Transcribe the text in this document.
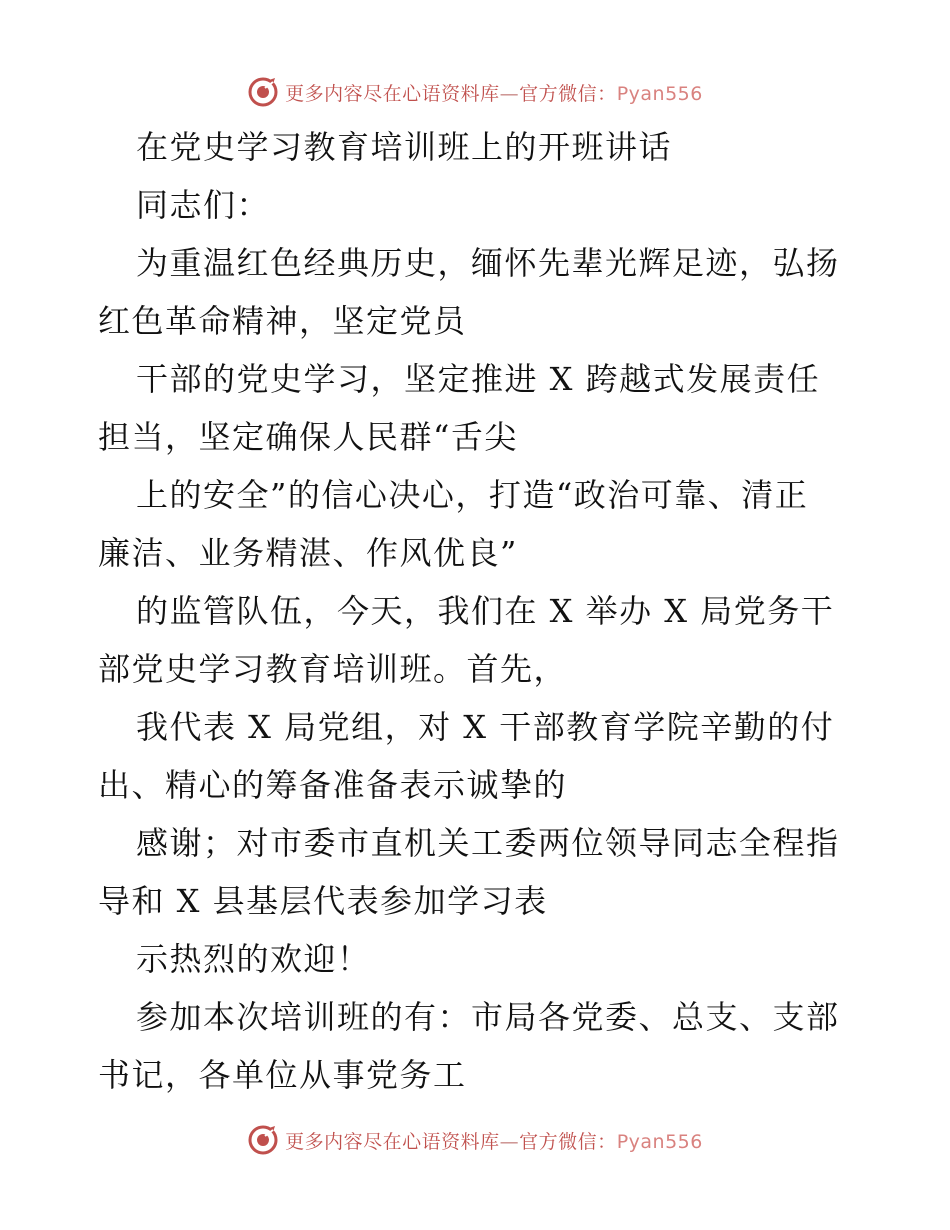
更多内容尽在心语资料库—官方微信：Pyan556
在党史学习教育培训班上的开班讲话
同志们：
为重温红色经典历史，缅怀先辈光辉足迹，弘扬
红色革命精神，坚定党员
干部的党史学习，坚定推进 X 跨越式发展责任
担当，坚定确保人民群“舌尖
上的安全”的信心决心，打造“政治可靠、清正
廉洁、业务精湛、作风优良”
的监管队伍，今天，我们在 X 举办 X 局党务干
部党史学习教育培训班。首先，
我代表 X 局党组，对 X 干部教育学院辛勤的付
出、精心的筹备准备表示诚挚的
感谢；对市委市直机关工委两位领导同志全程指
导和 X 县基层代表参加学习表
示热烈的欢迎！
参加本次培训班的有：市局各党委、总支、支部
书记，各单位从事党务工
更多内容尽在心语资料库—官方微信：Pyan556
